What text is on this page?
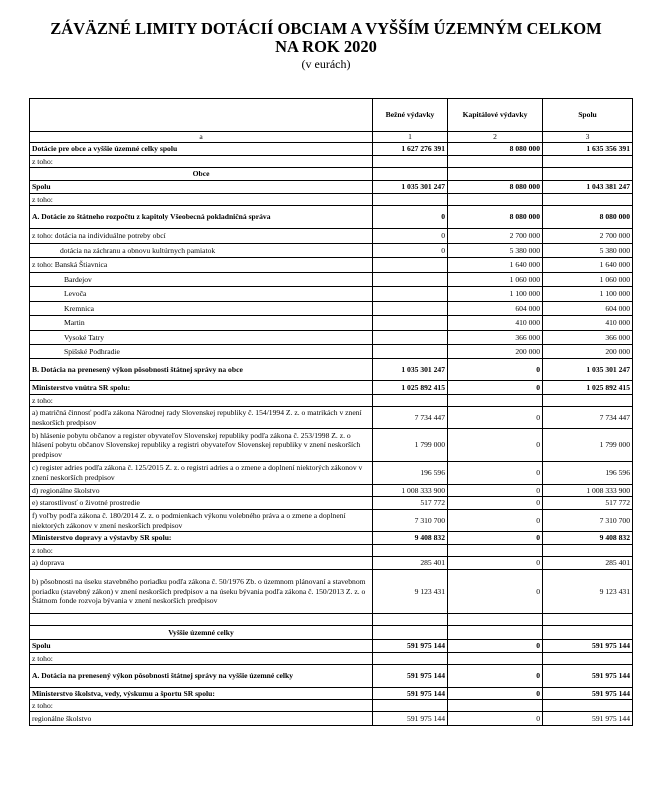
ZÁVÄZNÉ LIMITY DOTÁCIÍ OBCIAM A VYŠŠÍM ÚZEMNÝM CELKOM
NA ROK 2020
(v eurách)
	Bežné výdavky	Kapitálové výdavky	Spolu
a	1	2	3
Dotácie pre obce a vyššie územné celky spolu	1 627 276 391	8 080 000	1 635 356 391
z toho:			
Obce			
Spolu	1 035 301 247	8 080 000	1 043 381 247
z toho:			
A. Dotácie zo štátneho rozpočtu z kapitoly Všeobecná pokladničná správa	0	8 080 000	8 080 000
z toho: dotácia na individuálne potreby obcí	0	2 700 000	2 700 000
dotácia na záchranu a obnovu kultúrnych pamiatok	0	5 380 000	5 380 000
z toho: Banská Štiavnica		1 640 000	1 640 000
Bardejov		1 060 000	1 060 000
Levoča		1 100 000	1 100 000
Kremnica		604 000	604 000
Martin		410 000	410 000
Vysoké Tatry		366 000	366 000
Spišské Podhradie		200 000	200 000
B. Dotácia na prenesený výkon pôsobnosti štátnej správy na obce	1 035 301 247	0	1 035 301 247
Ministerstvo vnútra SR spolu:	1 025 892 415	0	1 025 892 415
z toho:			
a) matričná činnosť podľa zákona Národnej rady Slovenskej republiky č. 154/1994 Z. z. o matrikách v znení neskorších predpisov	7 734 447	0	7 734 447
b) hlásenie pobytu občanov a register obyvateľov Slovenskej republiky podľa zákona č. 253/1998 Z. z. o hlásení pobytu občanov Slovenskej republiky a registri obyvateľov Slovenskej republiky v znení neskorších predpisov	1 799 000	0	1 799 000
c) register adries podľa zákona č. 125/2015 Z. z. o registri adries a o zmene a doplnení niektorých zákonov v znení neskorších predpisov	196 596	0	196 596
d) regionálne školstvo	1 008 333 900	0	1 008 333 900
e) starostlivosť o životné prostredie	517 772	0	517 772
f) voľby podľa zákona č. 180/2014 Z. z. o podmienkach výkonu volebného práva a o zmene a doplnení niektorých zákonov v znení neskorších predpisov	7 310 700	0	7 310 700
Ministerstvo dopravy a výstavby SR spolu:	9 408 832	0	9 408 832
z toho:			
a) doprava	285 401	0	285 401
b) pôsobnosti na úseku stavebného poriadku podľa zákona č. 50/1976 Zb. o územnom plánovaní a stavebnom poriadku (stavebný zákon) v znení neskorších predpisov a na úseku bývania podľa zákona č. 150/2013 Z. z. o Štátnom fonde rozvoja bývania v znení neskorších predpisov	9 123 431	0	9 123 431

Vyššie územné celky			
Spolu	591 975 144	0	591 975 144
z toho:			
A. Dotácia na prenesený výkon pôsobnosti štátnej správy na vyššie územné celky	591 975 144	0	591 975 144
Ministerstvo školstva, vedy, výskumu a športu SR spolu:	591 975 144	0	591 975 144
z toho:			
regionálne školstvo	591 975 144	0	591 975 144
